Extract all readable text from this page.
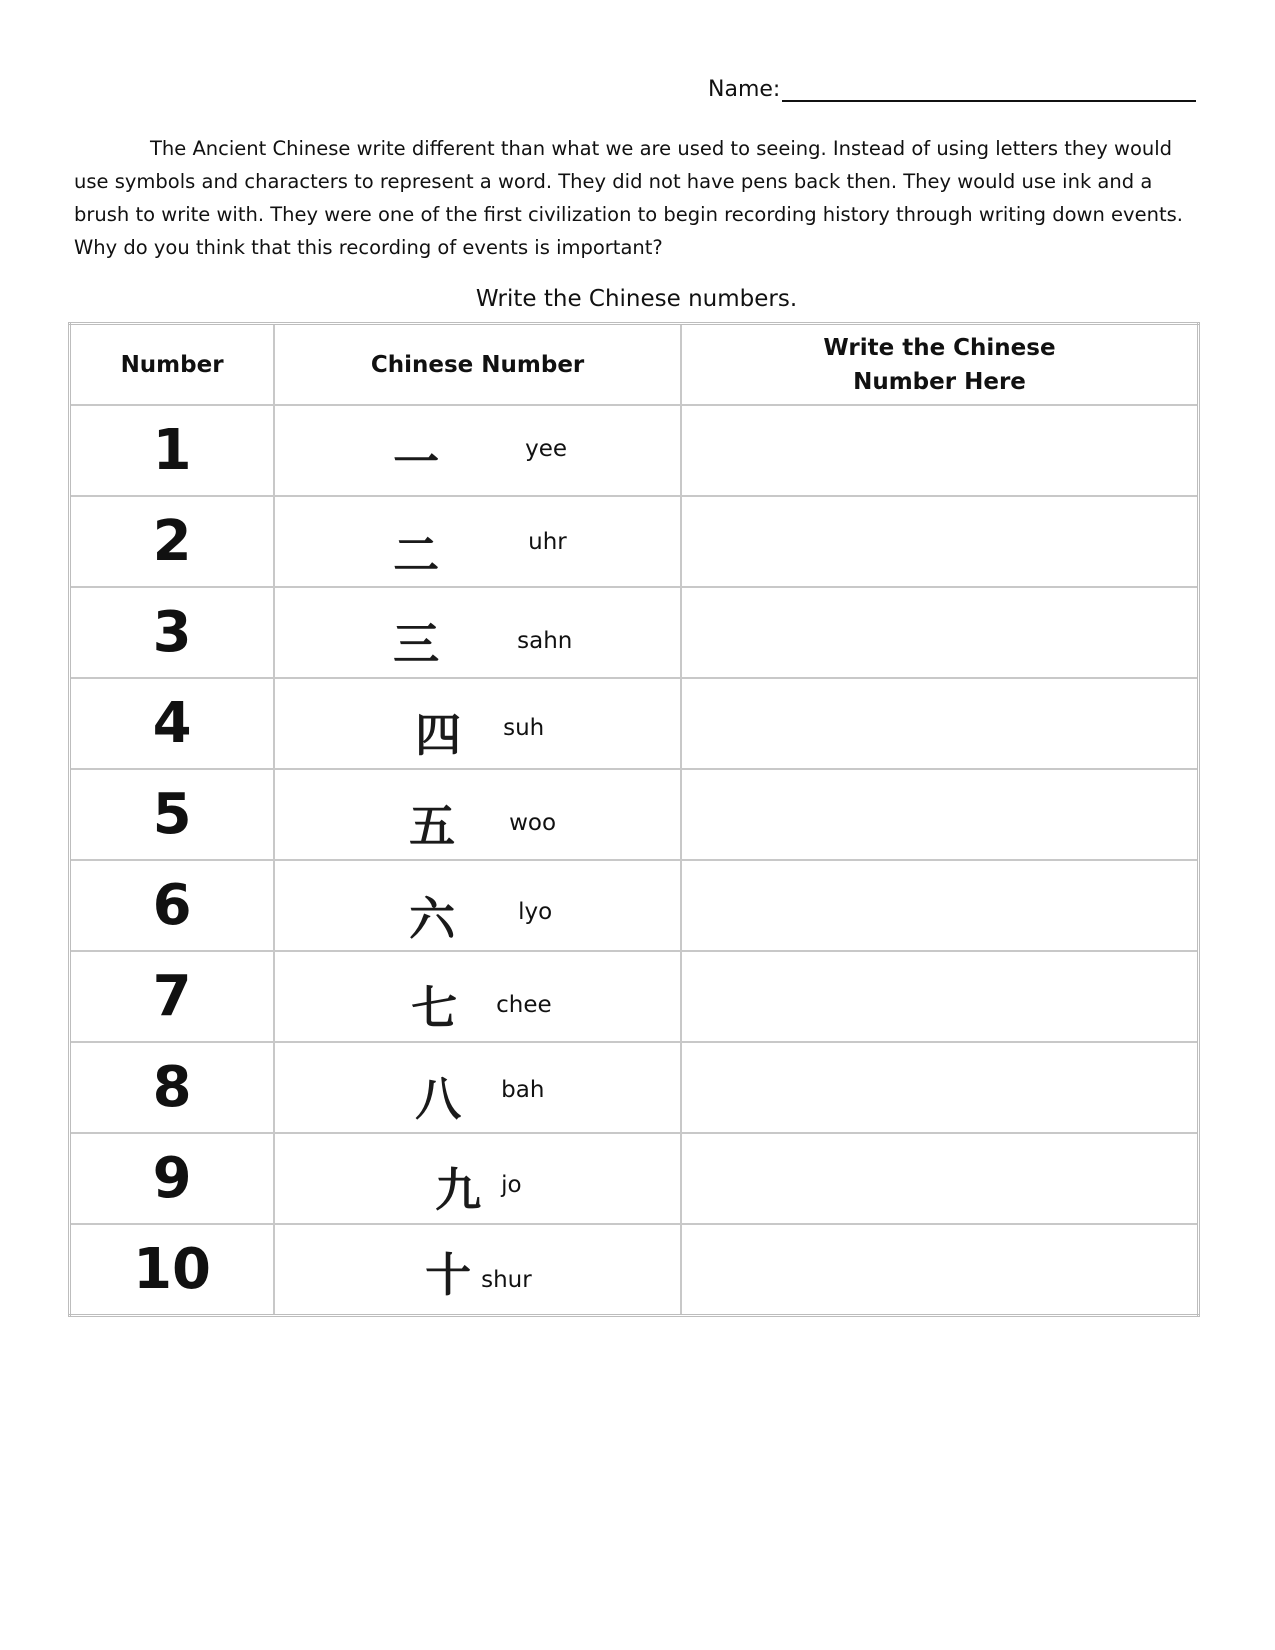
Name:

The Ancient Chinese write different than what we are used to seeing. Instead of using letters they would use symbols and characters to represent a word. They did not have pens back then. They would use ink and a brush to write with. They were one of the first civilization to begin recording history through writing down events. Why do you think that this recording of events is important?

Write the Chinese numbers.
Number	Chinese Number	Write the Chinese
Number Here

1	一 yee	

2	二 uhr	

3	三 sahn	

4	四 suh	

5	五 woo	

6	六 lyo	

7	七 chee	

8	八 bah	

9	九 jo	

10	十 shur	
